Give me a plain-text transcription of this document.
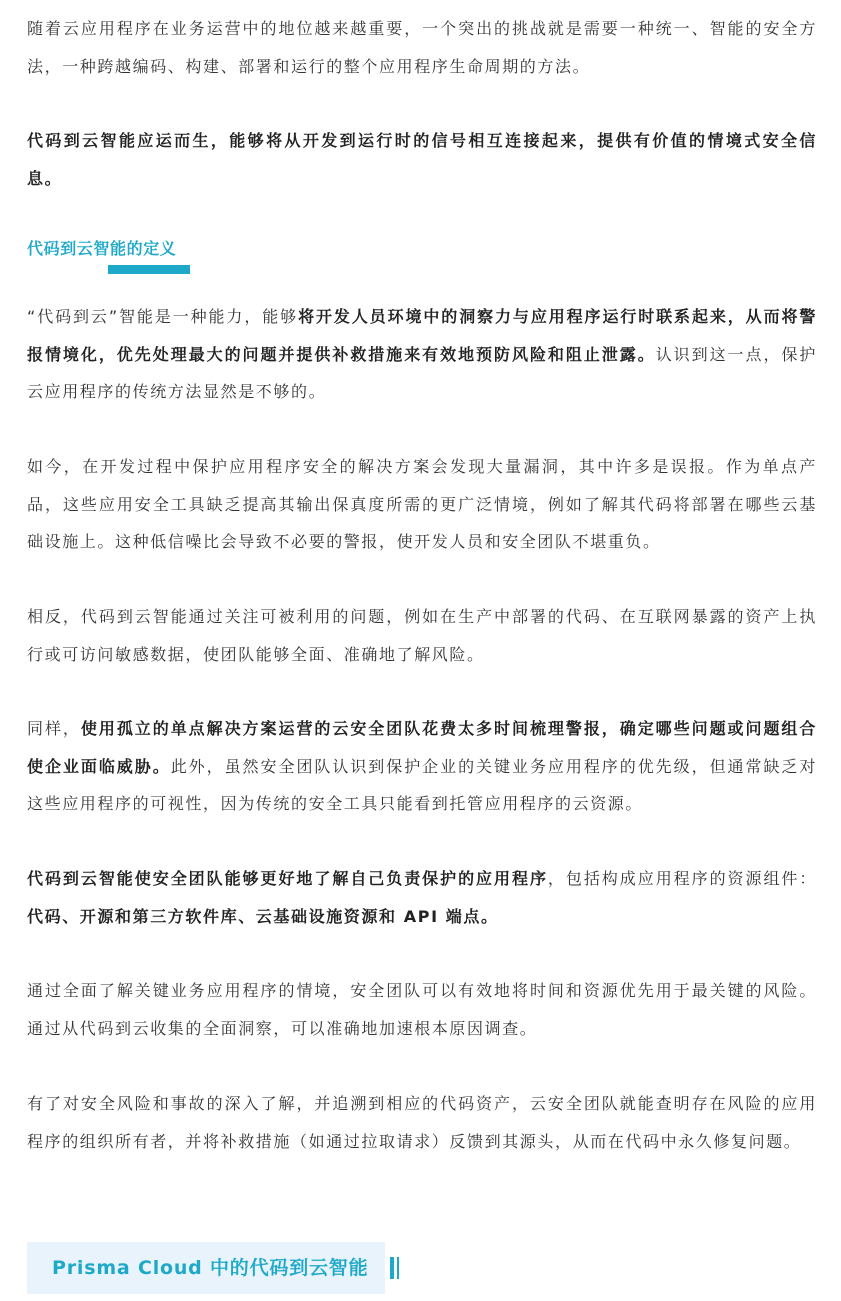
随着云应用程序在业务运营中的地位越来越重要，一个突出的挑战就是需要一种统一、智能的安全方法，一种跨越编码、构建、部署和运行的整个应用程序生命周期的方法。

代码到云智能应运而生，能够将从开发到运行时的信号相互连接起来，提供有价值的情境式安全信息。

“代码到云”智能是一种能力，能够将开发人员环境中的洞察力与应用程序运行时联系起来，从而将警报情境化，优先处理最大的问题并提供补救措施来有效地预防风险和阻止泄露。认识到这一点，保护云应用程序的传统方法显然是不够的。

如今，在开发过程中保护应用程序安全的解决方案会发现大量漏洞，其中许多是误报。作为单点产品，这些应用安全工具缺乏提高其输出保真度所需的更广泛情境，例如了解其代码将部署在哪些云基础设施上。这种低信噪比会导致不必要的警报，使开发人员和安全团队不堪重负。

相反，代码到云智能通过关注可被利用的问题，例如在生产中部署的代码、在互联网暴露的资产上执行或可访问敏感数据，使团队能够全面、准确地了解风险。

同样，使用孤立的单点解决方案运营的云安全团队花费太多时间梳理警报，确定哪些问题或问题组合使企业面临威胁。此外，虽然安全团队认识到保护企业的关键业务应用程序的优先级，但通常缺乏对这些应用程序的可视性，因为传统的安全工具只能看到托管应用程序的云资源。

代码到云智能使安全团队能够更好地了解自己负责保护的应用程序，包括构成应用程序的资源组件：代码、开源和第三方软件库、云基础设施资源和 API 端点。

通过全面了解关键业务应用程序的情境，安全团队可以有效地将时间和资源优先用于最关键的风险。通过从代码到云收集的全面洞察，可以准确地加速根本原因调查。

有了对安全风险和事故的深入了解，并追溯到相应的代码资产，云安全团队就能查明存在风险的应用程序的组织所有者，并将补救措施（如通过拉取请求）反馈到其源头，从而在代码中永久修复问题。

代码到云智能的定义
Prisma Cloud 中的代码到云智能
